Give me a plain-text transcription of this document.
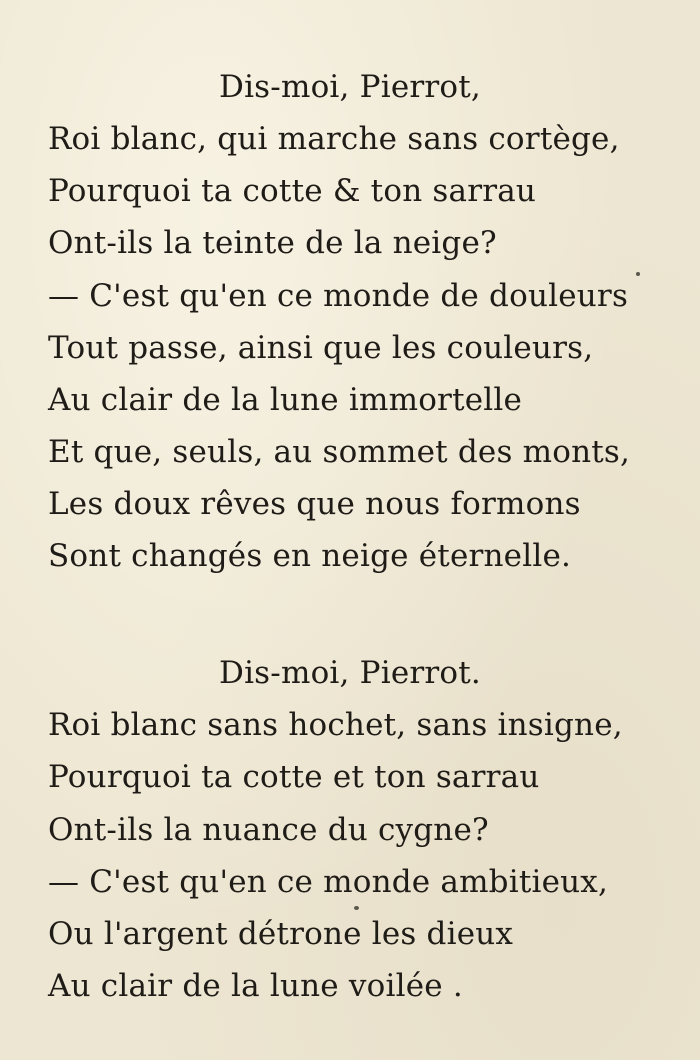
Dis-moi, Pierrot,
Roi blanc, qui marche sans cortège,
Pourquoi ta cotte & ton sarrau
Ont-ils la teinte de la neige?
— C'est qu'en ce monde de douleurs
Tout passe, ainsi que les couleurs,
Au clair de la lune immortelle
Et que, seuls, au sommet des monts,
Les doux rêves que nous formons
Sont changés en neige éternelle.
Dis-moi, Pierrot.
Roi blanc sans hochet, sans insigne,
Pourquoi ta cotte et ton sarrau
Ont-ils la nuance du cygne?
— C'est qu'en ce monde ambitieux,
Ou l'argent détrone les dieux
Au clair de la lune voilée .
